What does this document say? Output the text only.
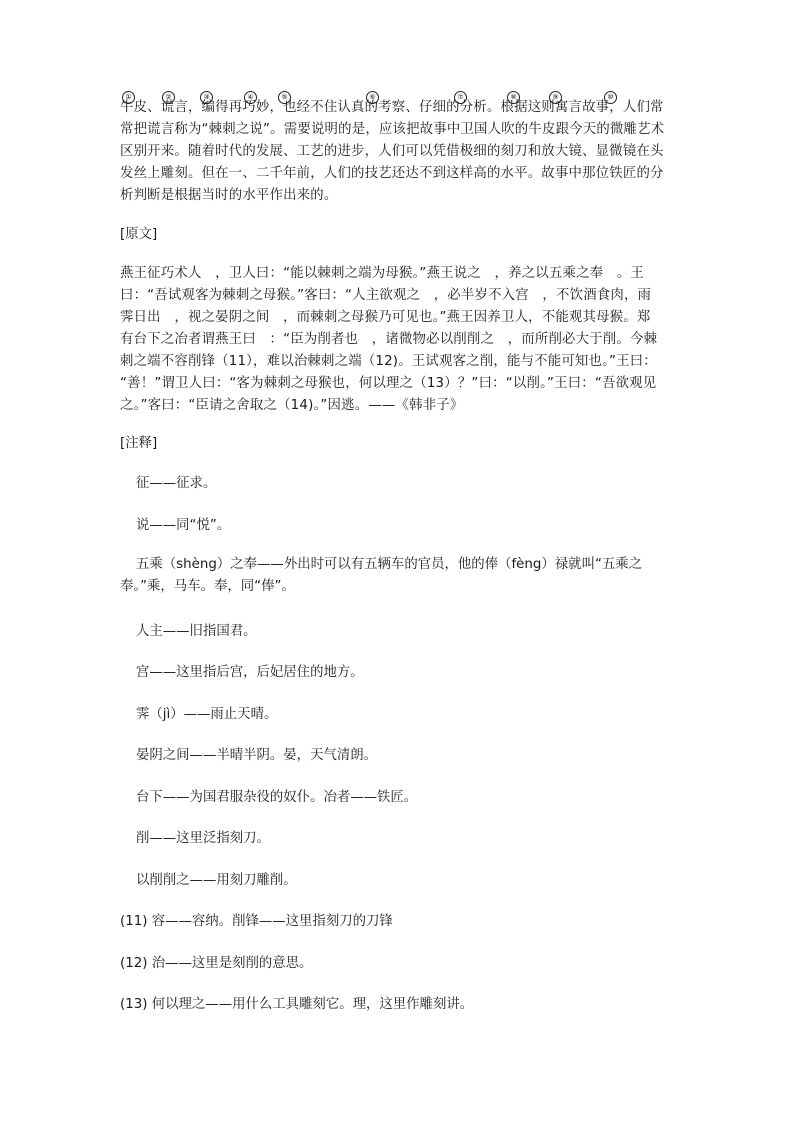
①	②	③	④	⑤	⑥	⑦	⑧	⑨	⑩
牛皮、谎言，编得再巧妙，也经不住认真的考察、仔细的分析。根据这则寓言故事，人们常
常把谎言称为“棘刺之说”。需要说明的是，应该把故事中卫国人吹的牛皮跟今天的微雕艺术
区别开来。随着时代的发展、工艺的进步，人们可以凭借极细的刻刀和放大镜、显微镜在头
发丝上雕刻。但在一、二千年前，人们的技艺还达不到这样高的水平。故事中那位铁匠的分
析判断是根据当时的水平作出来的。

[原文]

燕王征巧术人　，卫人曰：“能以棘刺之端为母猴。”燕王说之　，养之以五乘之奉　。王
曰：“吾试观客为棘刺之母猴。”客曰：“人主欲观之　，必半岁不入宫　，不饮酒食肉，雨
霁日出　，视之晏阴之间　，而棘刺之母猴乃可见也。”燕王因养卫人，不能观其母猴。郑
有台下之冶者谓燕王曰　：“臣为削者也　，诸微物必以削削之　，而所削必大于削。今棘
刺之端不容削锋（11），难以治棘刺之端（12)。王试观客之削，能与不能可知也。”王曰：
“善！”谓卫人曰：“客为棘刺之母猴也，何以理之（13）？”曰：“以削。”王曰：“吾欲观见
之。”客曰：“臣请之舍取之（14)。”因逃。——《韩非子》

[注释]

征——征求。

说——同“悦”。

五乘（shèng）之奉——外出时可以有五辆车的官员，他的俸（fèng）禄就叫“五乘之奉。”乘，马车。奉，同“俸”。

人主——旧指国君。

宫——这里指后宫，后妃居住的地方。

霁（jì）——雨止天晴。

晏阴之间——半晴半阴。晏，天气清朗。

台下——为国君服杂役的奴仆。冶者——铁匠。

削——这里泛指刻刀。

以削削之——用刻刀雕削。

(11) 容——容纳。削锋——这里指刻刀的刀锋

(12) 治——这里是刻削的意思。

(13) 何以理之——用什么工具雕刻它。理，这里作雕刻讲。
